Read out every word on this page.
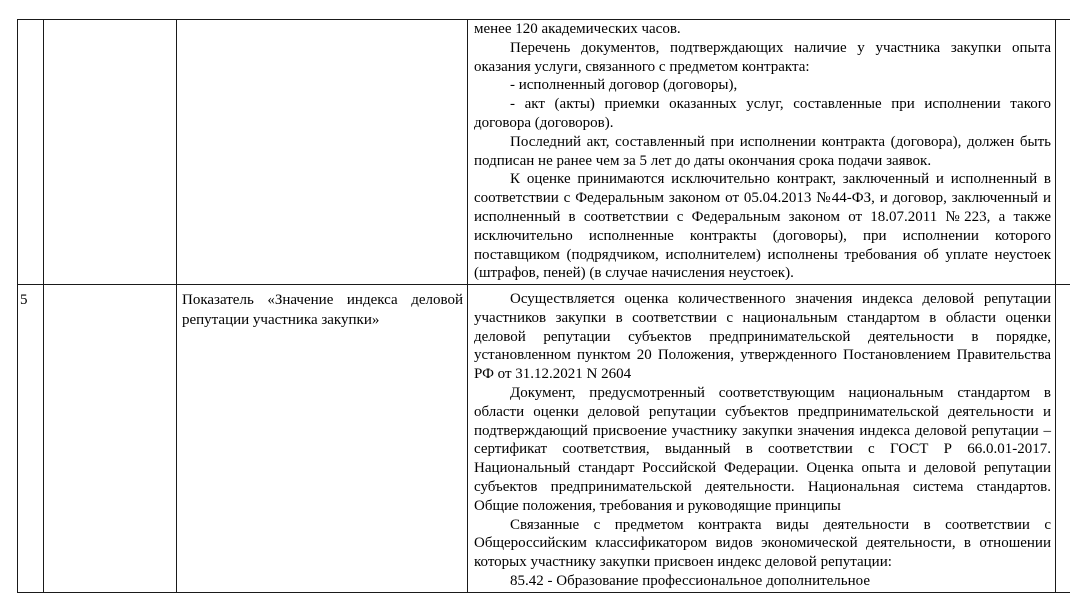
менее 120 академических часов.

Перечень документов, подтверждающих наличие у участника закупки опыта оказания услуги, связанного с предметом контракта:

- исполненный договор (договоры),

- акт (акты) приемки оказанных услуг, составленные при исполнении такого договора (договоров).

Последний акт, составленный при исполнении контракта (договора), должен быть подписан не ранее чем за 5 лет до даты окончания срока подачи заявок.

К оценке принимаются исключительно контракт, заключенный и исполненный в соответствии с Федеральным законом от 05.04.2013 №44-ФЗ, и договор, заключенный и исполненный в соответствии с Федеральным законом от 18.07.2011 №223, а также исключительно исполненные контракты (договоры), при исполнении которого поставщиком (подрядчиком, исполнителем) исполнены требования об уплате неустоек (штрафов, пеней) (в случае начисления неустоек).

5	Показатель «Значение индекса деловой репутации участника закупки»

Осуществляется оценка количественного значения индекса деловой репутации участников закупки в соответствии с национальным стандартом в области оценки деловой репутации субъектов предпринимательской деятельности в порядке, установленном пунктом 20 Положения, утвержденного Постановлением Правительства РФ от 31.12.2021 N 2604

Документ, предусмотренный соответствующим национальным стандартом в области оценки деловой репутации субъектов предпринимательской деятельности и подтверждающий присвоение участнику закупки значения индекса деловой репутации – сертификат соответствия, выданный в соответствии с ГОСТ Р 66.0.01-2017. Национальный стандарт Российской Федерации. Оценка опыта и деловой репутации субъектов предпринимательской деятельности. Национальная система стандартов. Общие положения, требования и руководящие принципы

Связанные с предметом контракта виды деятельности в соответствии с Общероссийским классификатором видов экономической деятельности, в отношении которых участнику закупки присвоен индекс деловой репутации:

85.42 - Образование профессиональное дополнительное
